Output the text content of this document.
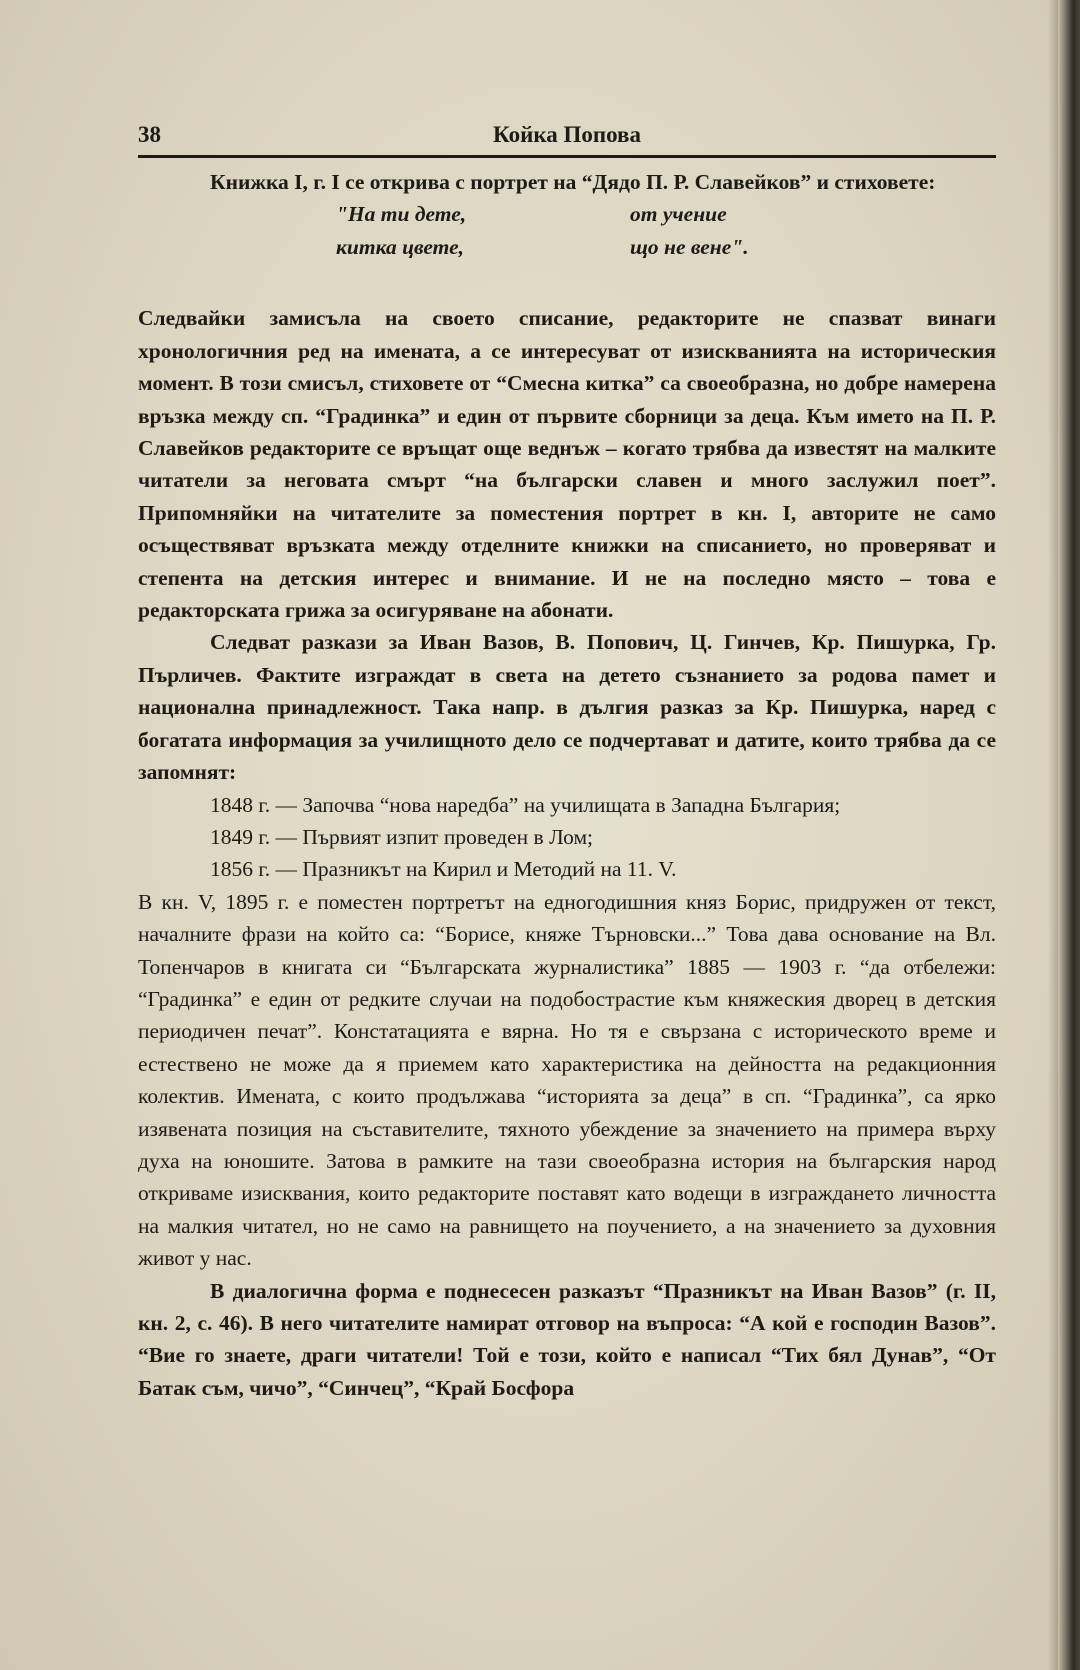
38	Койка Попова

Книжка I, г. I се открива с портрет на “Дядо П. Р. Славейков” и стиховете:

"На ти дете,
китка цвете,
от учение
що не вене".

Следвайки замисъла на своето списание, редакторите не спазват винаги хронологичния ред на имената, а се интересуват от изискванията на историческия момент. В този смисъл, стиховете от “Смесна китка” са своеобразна, но добре намерена връзка между сп. “Градинка” и един от първите сборници за деца. Към името на П. Р. Славейков редакторите се връщат още веднъж – когато трябва да известят на малките читатели за неговата смърт “на български славен и много заслужил поет”. Припомняйки на читателите за поместения портрет в кн. I, авторите не само осъществяват връзката между отделните книжки на списанието, но проверяват и степента на детския интерес и внимание. И не на последно място – това е редакторската грижа за осигуряване на абонати.

Следват разкази за Иван Вазов, В. Попович, Ц. Гинчев, Кр. Пишурка, Гр. Пърличев. Фактите изграждат в света на детето съзнанието за родова памет и национална принадлежност. Така напр. в дългия разказ за Кр. Пишурка, наред с богатата информация за училищното дело се подчертават и датите, които трябва да се запомнят:

1848 г. — Започва “нова наредба” на училищата в Западна България;
1849 г. — Първият изпит проведен в Лом;
1856 г. — Празникът на Кирил и Методий на 11. V.

В кн. V, 1895 г. е поместен портретът на едногодишния княз Борис, придружен от текст, началните фрази на който са: “Борисе, княже Търновски...” Това дава основание на Вл. Топенчаров в книгата си “Българската журналистика” 1885 — 1903 г. “да отбележи: “Градинка” е един от редките случаи на подобострастие към княжеския дворец в детския периодичен печат”. Констатацията е вярна. Но тя е свързана с историческото време и естествено не може да я приемем като характеристика на дейността на редакционния колектив. Имената, с които продължава “историята за деца” в сп. “Градинка”, са ярко изявената позиция на съставителите, тяхното убеждение за значението на примера върху духа на юношите. Затова в рамките на тази своеобразна история на българския народ откриваме изисквания, които редакторите поставят като водещи в изграждането личността на малкия читател, но не само на равнището на поучението, а на значението за духовния живот у нас.

В диалогична форма е поднесесен разказът “Празникът на Иван Вазов” (г. II, кн. 2, с. 46). В него читателите намират отговор на въпроса: “А кой е господин Вазов”. “Вие го знаете, драги читатели! Той е този, който е написал “Тих бял Дунав”, “От Батак съм, чичо”, “Синчец”, “Край Босфора
